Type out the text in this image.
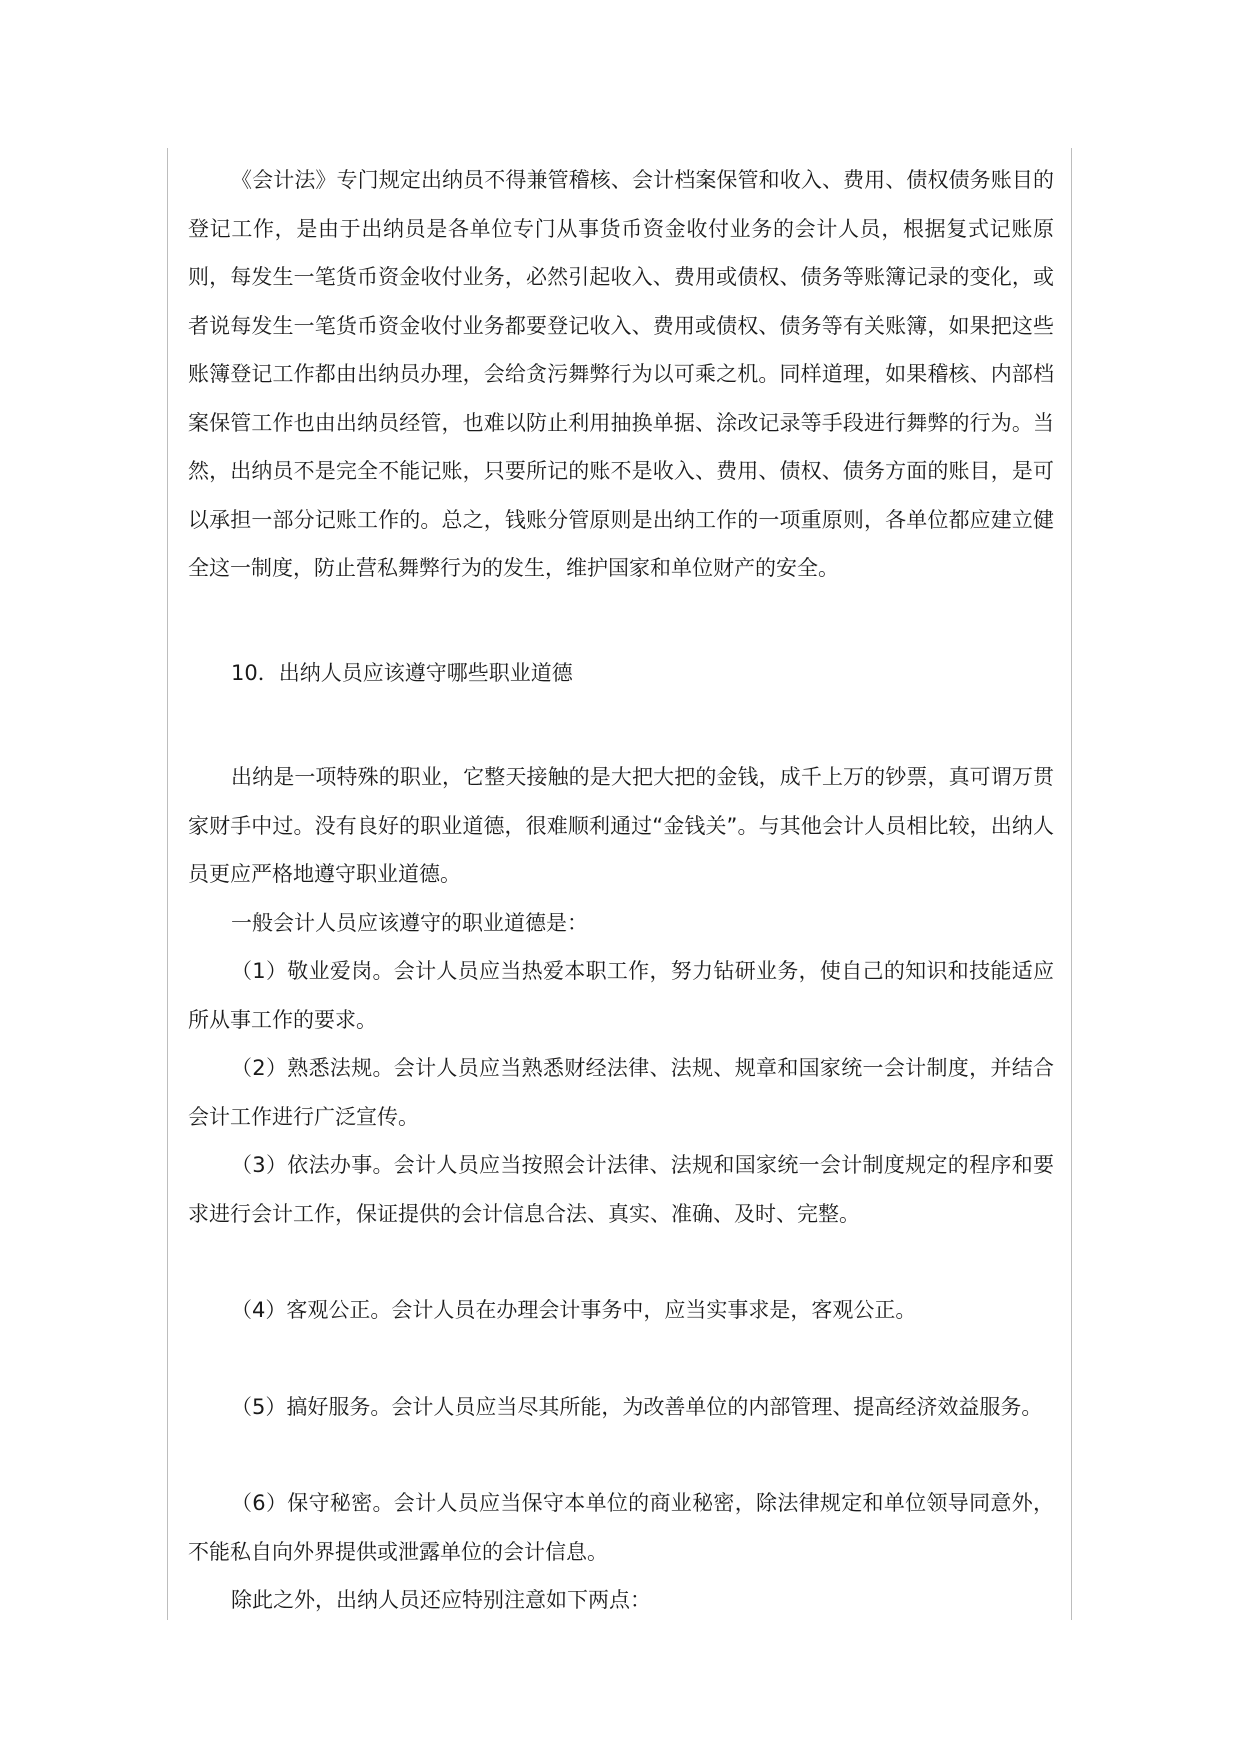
《会计法》专门规定出纳员不得兼管稽核、会计档案保管和收入、费用、债权债务账目的登记工作，是由于出纳员是各单位专门从事货币资金收付业务的会计人员，根据复式记账原则，每发生一笔货币资金收付业务，必然引起收入、费用或债权、债务等账簿记录的变化，或者说每发生一笔货币资金收付业务都要登记收入、费用或债权、债务等有关账簿，如果把这些账簿登记工作都由出纳员办理，会给贪污舞弊行为以可乘之机。同样道理，如果稽核、内部档案保管工作也由出纳员经管，也难以防止利用抽换单据、涂改记录等手段进行舞弊的行为。当然，出纳员不是完全不能记账，只要所记的账不是收入、费用、债权、债务方面的账目，是可以承担一部分记账工作的。总之，钱账分管原则是出纳工作的一项重原则，各单位都应建立健全这一制度，防止营私舞弊行为的发生，维护国家和单位财产的安全。

10．出纳人员应该遵守哪些职业道德

出纳是一项特殊的职业，它整天接触的是大把大把的金钱，成千上万的钞票，真可谓万贯家财手中过。没有良好的职业道德，很难顺利通过“金钱关”。与其他会计人员相比较，出纳人员更应严格地遵守职业道德。

一般会计人员应该遵守的职业道德是：

（1）敬业爱岗。会计人员应当热爱本职工作，努力钻研业务，使自己的知识和技能适应所从事工作的要求。

（2）熟悉法规。会计人员应当熟悉财经法律、法规、规章和国家统一会计制度，并结合会计工作进行广泛宣传。

（3）依法办事。会计人员应当按照会计法律、法规和国家统一会计制度规定的程序和要求进行会计工作，保证提供的会计信息合法、真实、准确、及时、完整。

（4）客观公正。会计人员在办理会计事务中，应当实事求是，客观公正。

（5）搞好服务。会计人员应当尽其所能，为改善单位的内部管理、提高经济效益服务。

（6）保守秘密。会计人员应当保守本单位的商业秘密，除法律规定和单位领导同意外，不能私自向外界提供或泄露单位的会计信息。

除此之外，出纳人员还应特别注意如下两点：
